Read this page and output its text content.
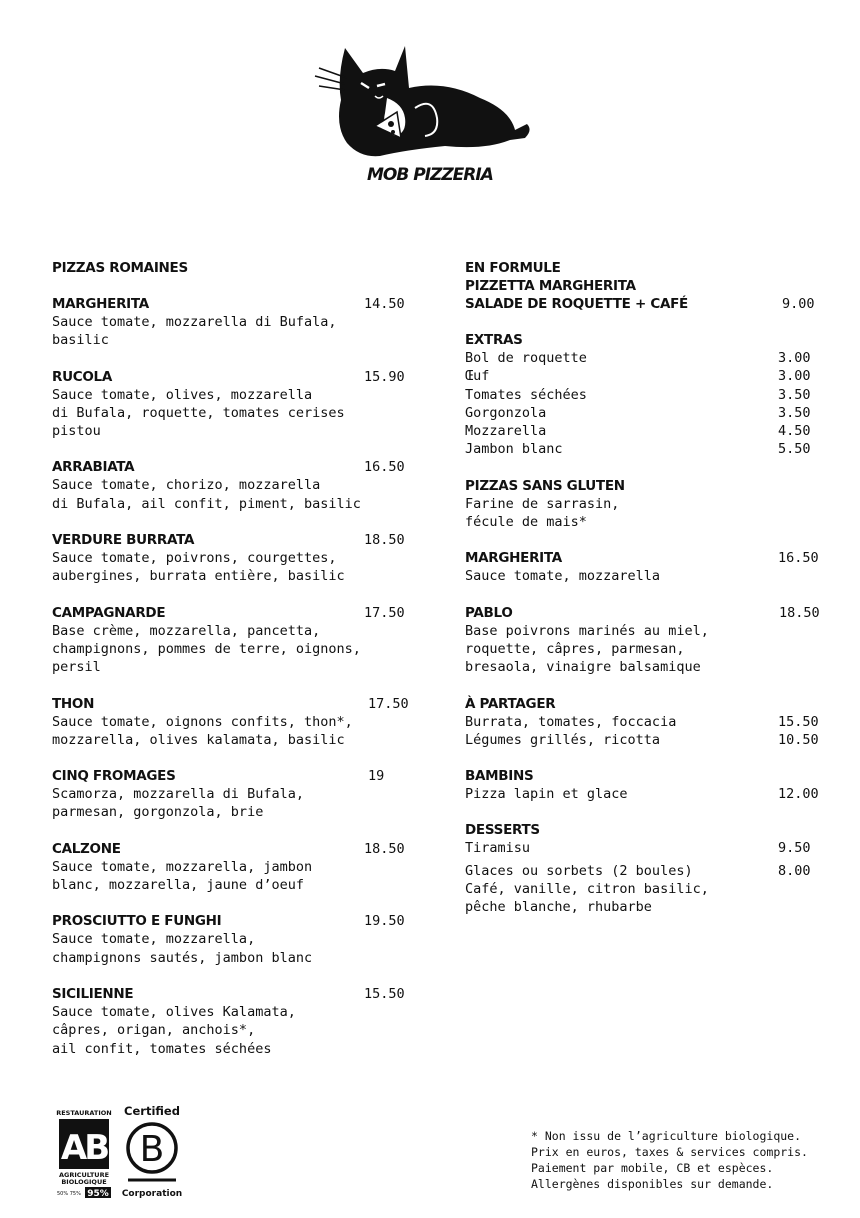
MOB PIZZERIA

PIZZAS ROMAINES

MARGHERITA	14.50

Sauce tomate, mozzarella di Bufala,
basilic

RUCOLA	15.90

Sauce tomate, olives, mozzarella
di Bufala, roquette, tomates cerises
pistou

ARRABIATA	16.50

Sauce tomate, chorizo, mozzarella
di Bufala, ail confit, piment, basilic

VERDURE BURRATA	18.50

Sauce tomate, poivrons, courgettes,
aubergines, burrata entière, basilic

CAMPAGNARDE	17.50

Base crème, mozzarella, pancetta,
champignons, pommes de terre, oignons,
persil

THON	17.50

Sauce tomate, oignons confits, thon*,
mozzarella, olives kalamata, basilic

CINQ FROMAGES	19

Scamorza, mozzarella di Bufala,
parmesan, gorgonzola, brie

CALZONE	18.50

Sauce tomate, mozzarella, jambon
blanc, mozzarella, jaune d’oeuf

PROSCIUTTO E FUNGHI	19.50

Sauce tomate, mozzarella,
champignons sautés, jambon blanc

SICILIENNE	15.50

Sauce tomate, olives Kalamata,
câpres, origan, anchois*,
ail confit, tomates séchées

EN FORMULE

PIZZETTA MARGHERITA

SALADE DE ROQUETTE + CAFÉ	9.00

EXTRAS

Bol de roquette	3.00
Œuf	3.00
Tomates séchées	3.50
Gorgonzola	3.50
Mozzarella	4.50
Jambon blanc	5.50

PIZZAS SANS GLUTEN

Farine de sarrasin,
fécule de mais*

MARGHERITA	16.50

Sauce tomate, mozzarella

PABLO	18.50

Base poivrons marinés au miel,
roquette, câpres, parmesan,
bresaola, vinaigre balsamique

À PARTAGER

Burrata, tomates, foccacia	15.50
Légumes grillés, ricotta	10.50

BAMBINS

Pizza lapin et glace	12.00

DESSERTS

Tiramisu	9.50
Glaces ou sorbets (2 boules)	8.00

Café, vanille, citron basilic,
pêche blanche, rhubarbe

RESTAURATION
AB
AGRICULTURE
BIOLOGIQUE
50% 75% 95%
Certified
B
Corporation
* Non issu de l’agriculture biologique.
Prix en euros, taxes & services compris.
Paiement par mobile, CB et espèces.
Allergènes disponibles sur demande.
